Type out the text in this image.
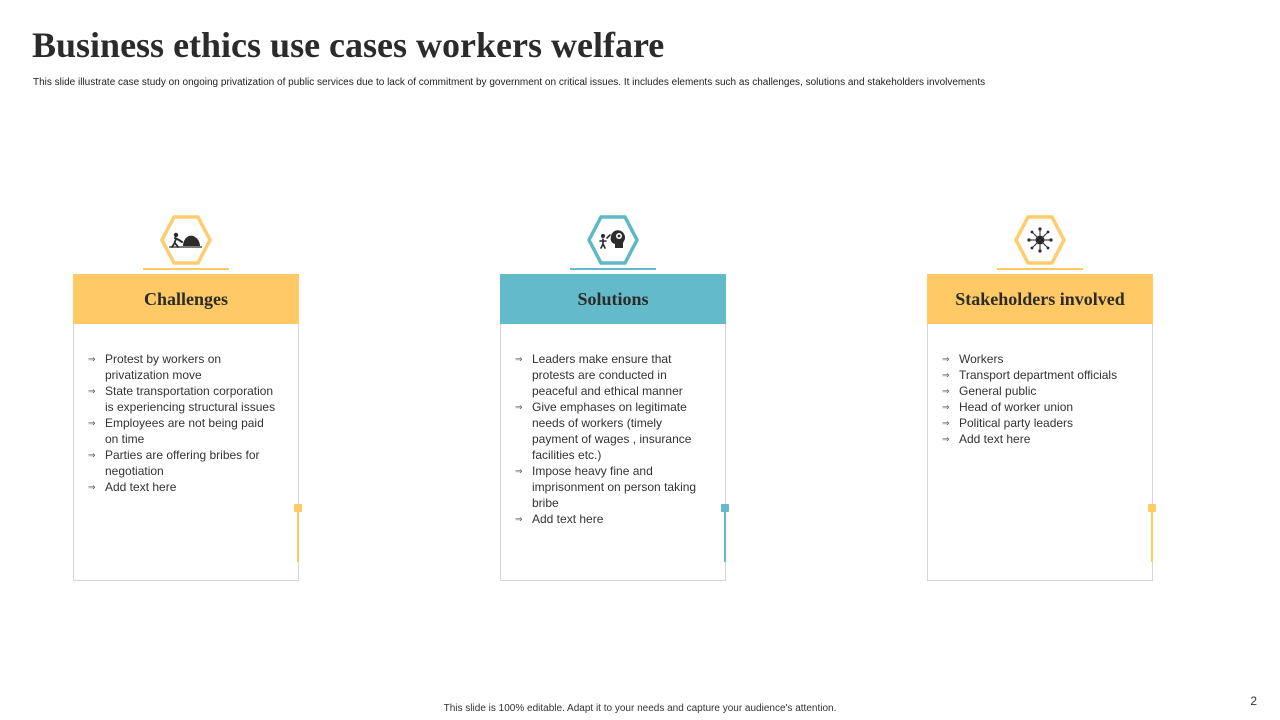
Business ethics use cases workers welfare
This slide illustrate case study on ongoing privatization of public services due to lack of commitment by government on critical issues. It includes elements such as challenges, solutions and stakeholders involvements
Challenges
⇒ Protest by workers on privatization move
⇒ State transportation corporation is experiencing structural issues
⇒ Employees are not being paid on time
⇒ Parties are offering bribes for negotiation
⇒ Add text here
Solutions
⇒ Leaders make ensure that protests are conducted in peaceful and ethical manner
⇒ Give emphases on legitimate needs of workers (timely payment of wages , insurance facilities etc.)
⇒ Impose heavy fine and imprisonment on person taking bribe
⇒ Add text here
Stakeholders involved
⇒ Workers
⇒ Transport department officials
⇒ General public
⇒ Head of worker union
⇒ Political party leaders
⇒ Add text here
This slide is 100% editable. Adapt it to your needs and capture your audience's attention.
2
